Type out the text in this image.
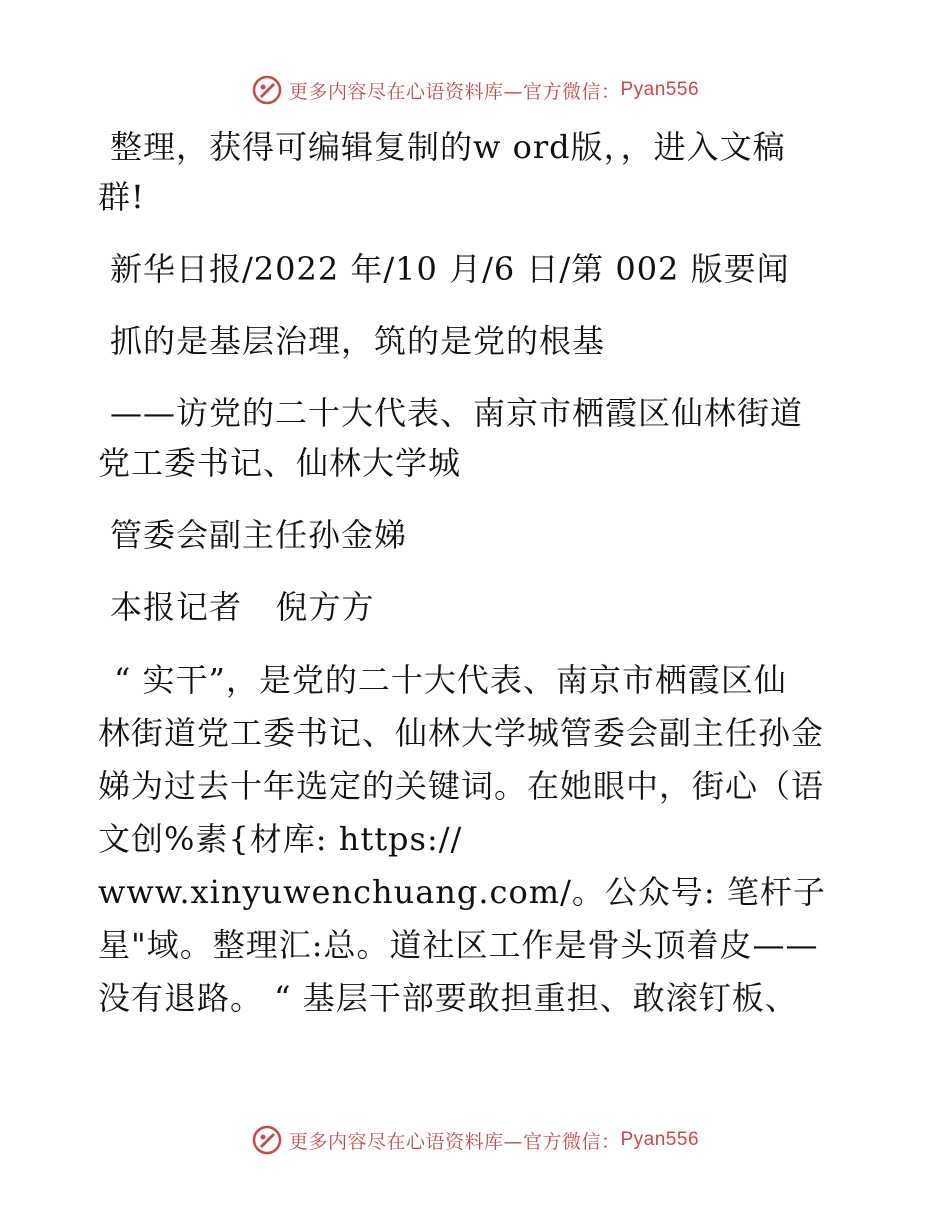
更多内容尽在心语资料库—官方微信： Pyan556

整理，获得可编辑复制的w ord版，，进入文稿
群!

新华日报/2022 年/10 月/6 日/第 002 版要闻

抓的是基层治理，筑的是党的根基

——访党的二十大代表、南京市栖霞区仙林街道
党工委书记、仙林大学城

管委会副主任孙金娣

本报记者   倪方方

“ 实干”，是党的二十大代表、南京市栖霞区仙
林街道党工委书记、仙林大学城管委会副主任孙金
娣为过去十年选定的关键词。在她眼中，街心（语
文创%素{材库: https://
www.xinyuwenchuang.com/。公众号: 笔杆子
星"域。整理汇:总。道社区工作是骨头顶着皮——
没有退路。 “ 基层干部要敢担重担、敢滚钉板、
更多内容尽在心语资料库—官方微信： Pyan556
